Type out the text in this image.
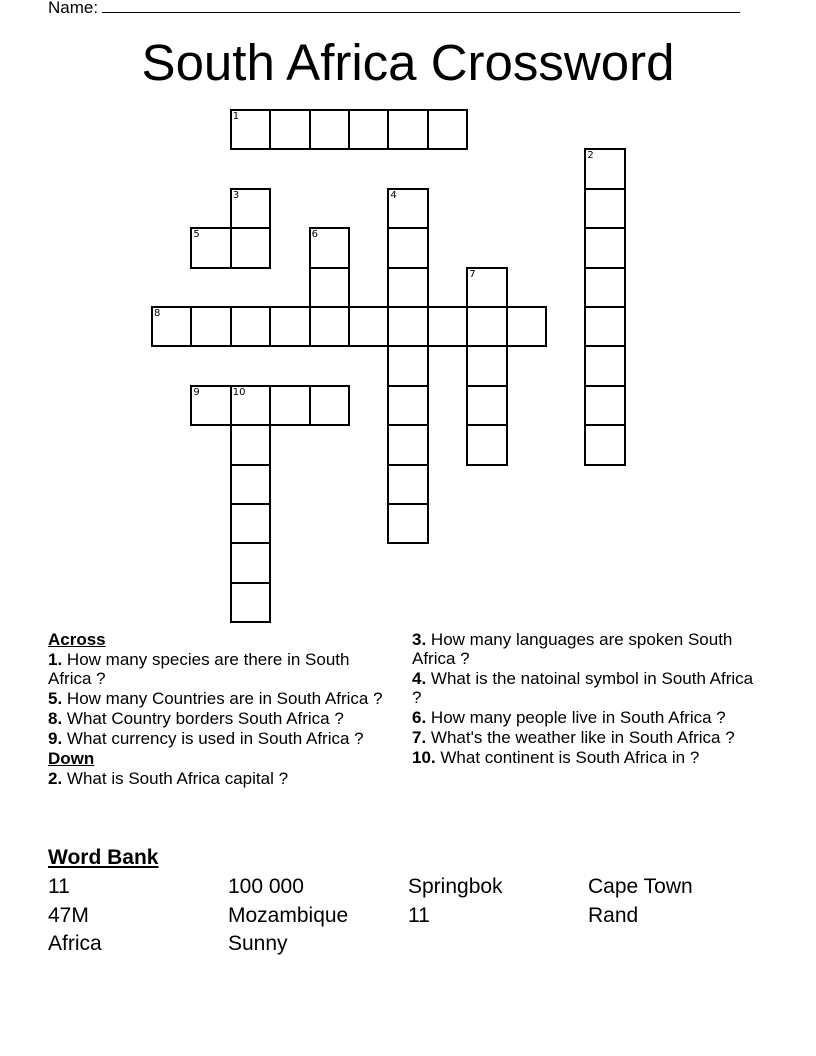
Name:
South Africa Crossword
1
2
3	4
5	6
7
8
9	10
Across
1. How many species are there in South Africa ?
5. How many Countries are in South Africa ?
8. What Country borders South Africa ?
9. What currency is used in South Africa ?
Down
2. What is South Africa capital ?
3. How many languages are spoken South Africa ?
4. What is the natoinal symbol in South Africa ?
6. How many people live in South Africa ?
7. What's the weather like in South Africa ?
10. What continent is South Africa in ?
Word Bank
11	100 000	Springbok	Cape Town
47M	Mozambique	11	Rand
Africa	Sunny
